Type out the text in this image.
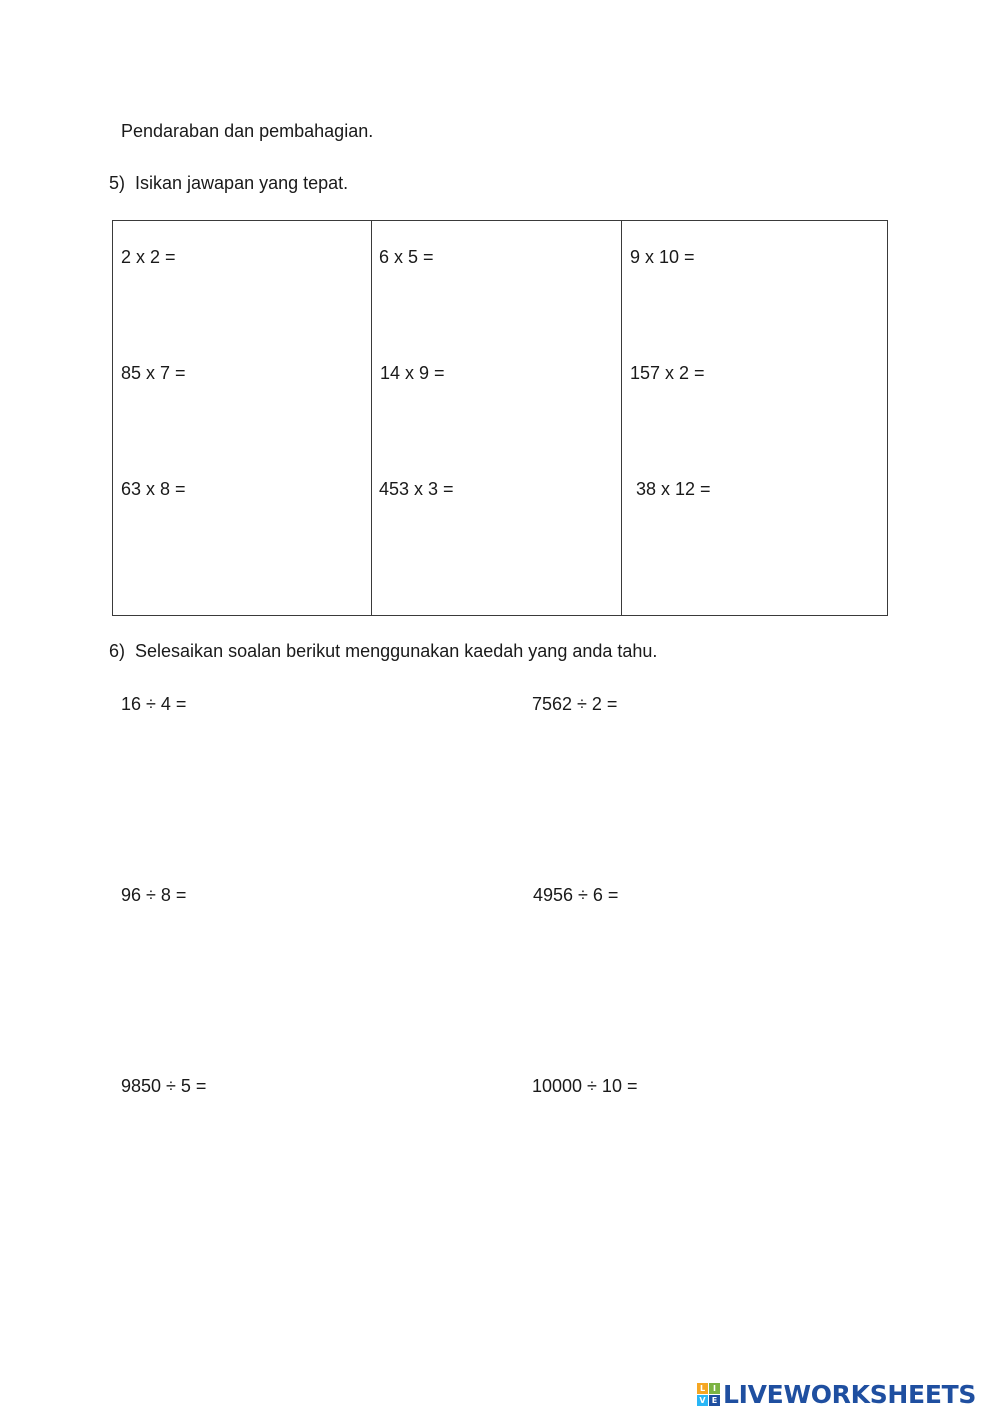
Pendaraban dan pembahagian.
5) Isikan jawapan yang tepat.
2 x 2 =	6 x 5 =	9 x 10 =
85 x 7 =	14 x 9 =	157 x 2 =
63 x 8 =	453 x 3 =	38 x 12 =
6) Selesaikan soalan berikut menggunakan kaedah yang anda tahu.
16 ÷ 4 =	7562 ÷ 2 =
96 ÷ 8 =	4956 ÷ 6 =
9850 ÷ 5 =	10000 ÷ 10 =
L I
V E LIVEWORKSHEETS
